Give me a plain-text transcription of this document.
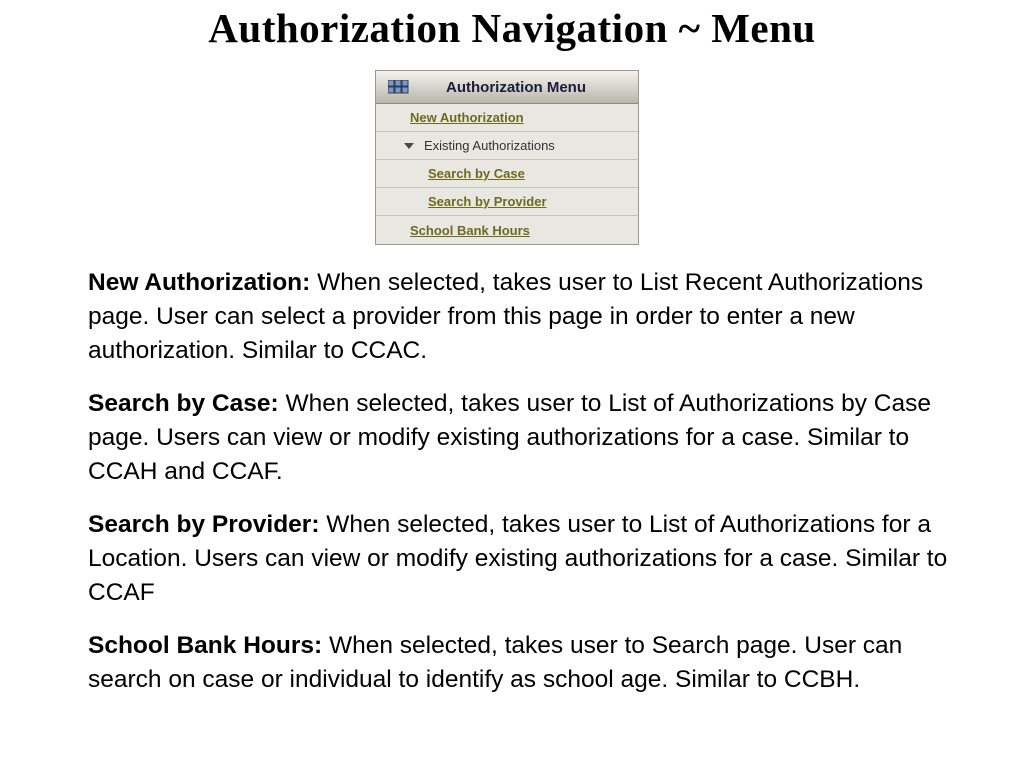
Authorization Navigation ~ Menu
Authorization Menu
New Authorization
Existing Authorizations
Search by Case
Search by Provider
School Bank Hours

New Authorization: When selected, takes user to List Recent Authorizations page. User can select a provider from this page in order to enter a new authorization. Similar to CCAC.

Search by Case: When selected, takes user to List of Authorizations by Case page. Users can view or modify existing authorizations for a case. Similar to CCAH and CCAF.

Search by Provider: When selected, takes user to List of Authorizations for a Location. Users can view or modify existing authorizations for a case. Similar to CCAF

School Bank Hours: When selected, takes user to Search page. User can search on case or individual to identify as school age. Similar to CCBH.
